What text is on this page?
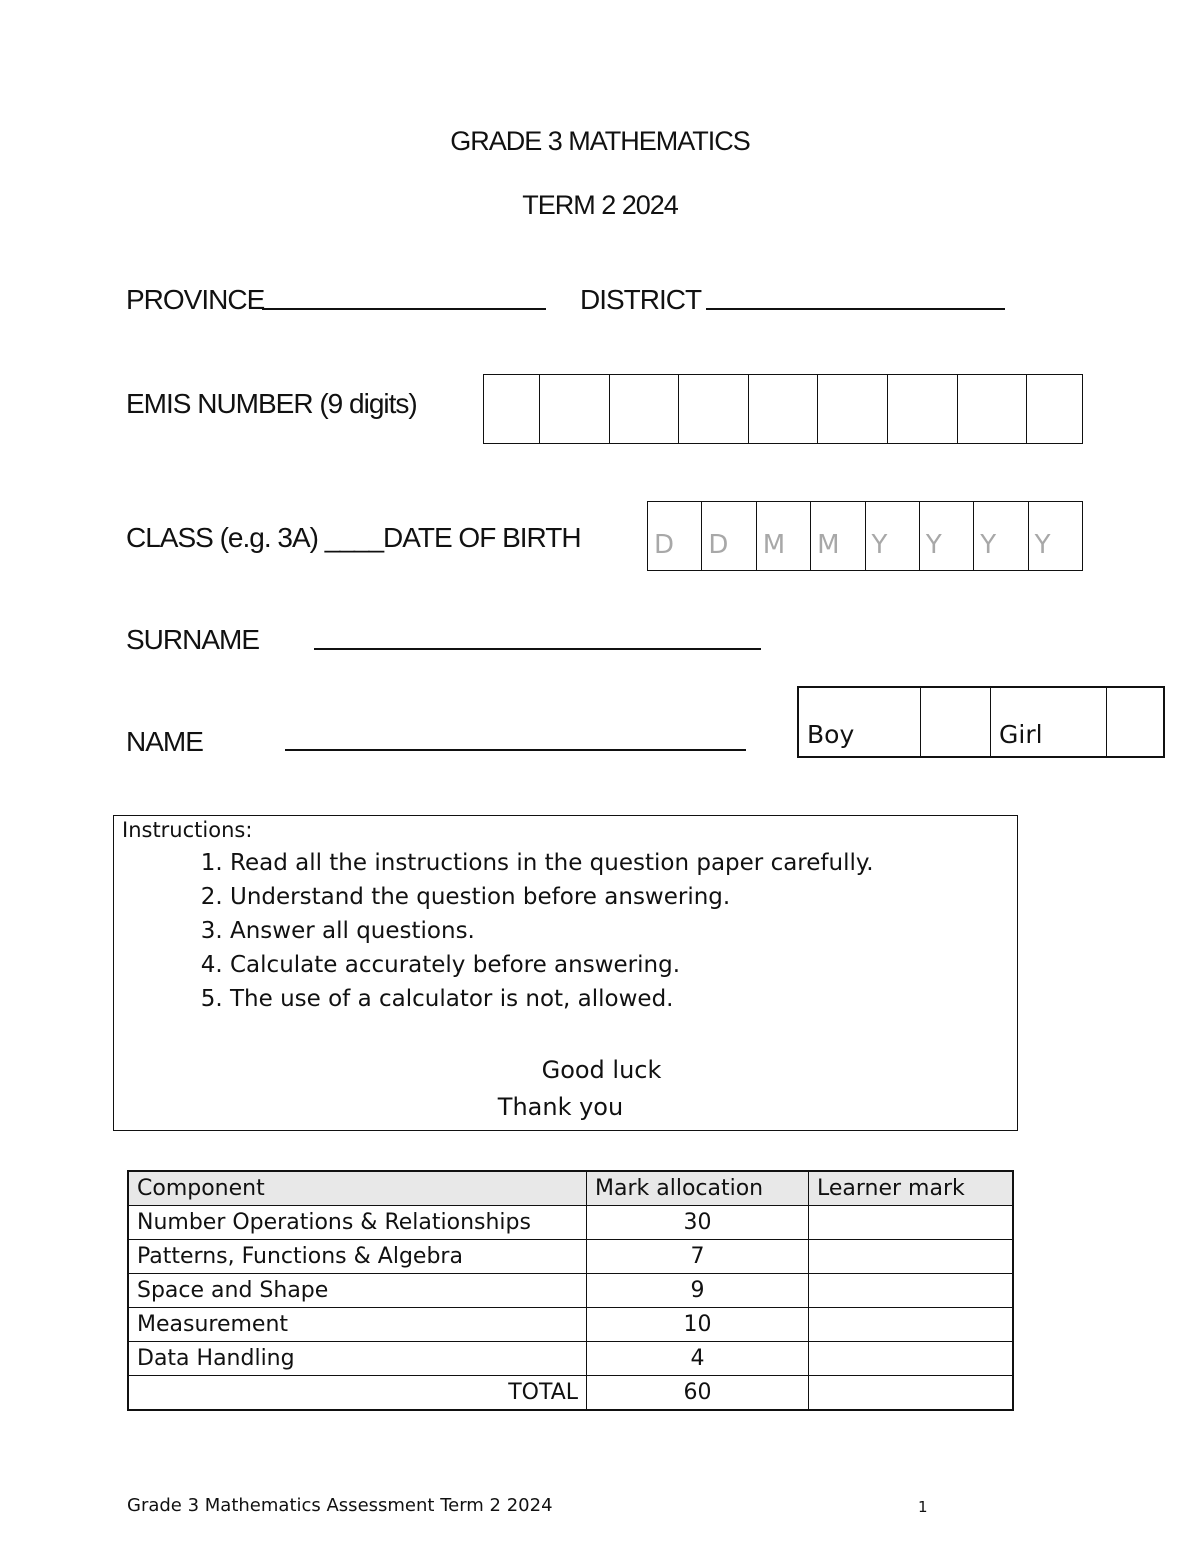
GRADE 3 MATHEMATICS
TERM 2 2024
PROVINCE	DISTRICT
EMIS NUMBER (9 digits)
CLASS (e.g. 3A) ____DATE OF BIRTH	D	D	M	M	Y	Y	Y	Y
SURNAME
NAME	Boy	Girl
Instructions:
1. Read all the instructions in the question paper carefully.
2. Understand the question before answering.
3. Answer all questions.
4. Calculate accurately before answering.
5. The use of a calculator is not, allowed.
Good luck
Thank you
Component	Mark allocation	Learner mark
Number Operations & Relationships	30	
Patterns, Functions & Algebra	7	
Space and Shape	9	
Measurement	10	
Data Handling	4	
TOTAL	60	
Grade 3 Mathematics Assessment Term 2 2024	1
